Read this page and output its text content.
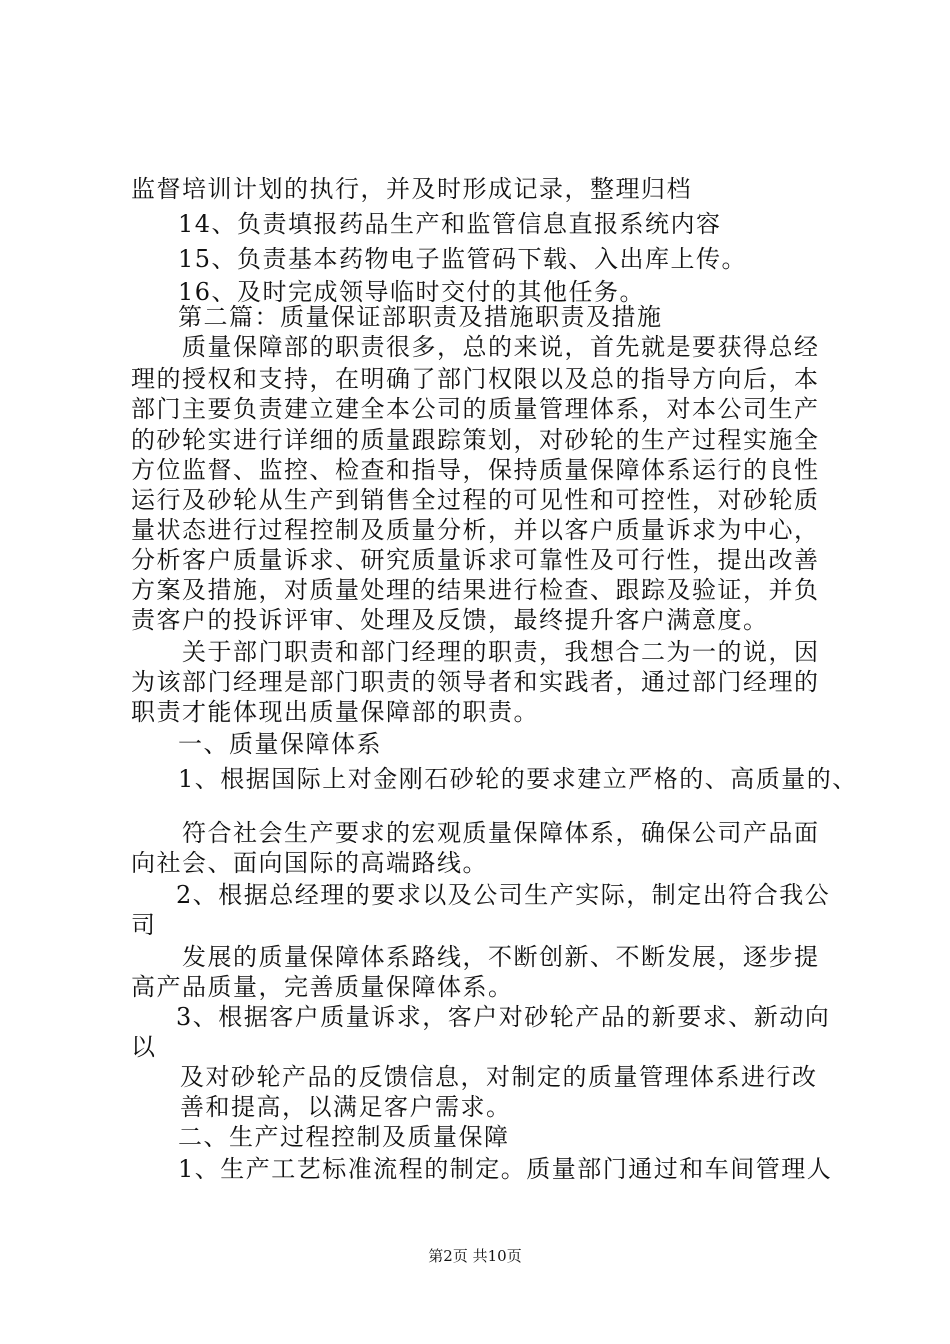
监督培训计划的执行，并及时形成记录，整理归档
14、负责填报药品生产和监管信息直报系统内容
15、负责基本药物电子监管码下载、入出库上传。
16、及时完成领导临时交付的其他任务。
第二篇：质量保证部职责及措施职责及措施
质量保障部的职责很多，总的来说，首先就是要获得总经
理的授权和支持，在明确了部门权限以及总的指导方向后，本
部门主要负责建立建全本公司的质量管理体系，对本公司生产
的砂轮实进行详细的质量跟踪策划，对砂轮的生产过程实施全
方位监督、监控、检查和指导，保持质量保障体系运行的良性
运行及砂轮从生产到销售全过程的可见性和可控性，对砂轮质
量状态进行过程控制及质量分析，并以客户质量诉求为中心，
分析客户质量诉求、研究质量诉求可靠性及可行性，提出改善
方案及措施，对质量处理的结果进行检查、跟踪及验证，并负
责客户的投诉评审、处理及反馈，最终提升客户满意度。
关于部门职责和部门经理的职责，我想合二为一的说，因
为该部门经理是部门职责的领导者和实践者，通过部门经理的
职责才能体现出质量保障部的职责。
一、质量保障体系
1、根据国际上对金刚石砂轮的要求建立严格的、高质量的、
符合社会生产要求的宏观质量保障体系，确保公司产品面
向社会、面向国际的高端路线。
2、根据总经理的要求以及公司生产实际，制定出符合我公
司
发展的质量保障体系路线，不断创新、不断发展，逐步提
高产品质量，完善质量保障体系。
3、根据客户质量诉求，客户对砂轮产品的新要求、新动向
以
及对砂轮产品的反馈信息，对制定的质量管理体系进行改
善和提高，以满足客户需求。
二、生产过程控制及质量保障
1、生产工艺标准流程的制定。质量部门通过和车间管理人
第2页 共10页
